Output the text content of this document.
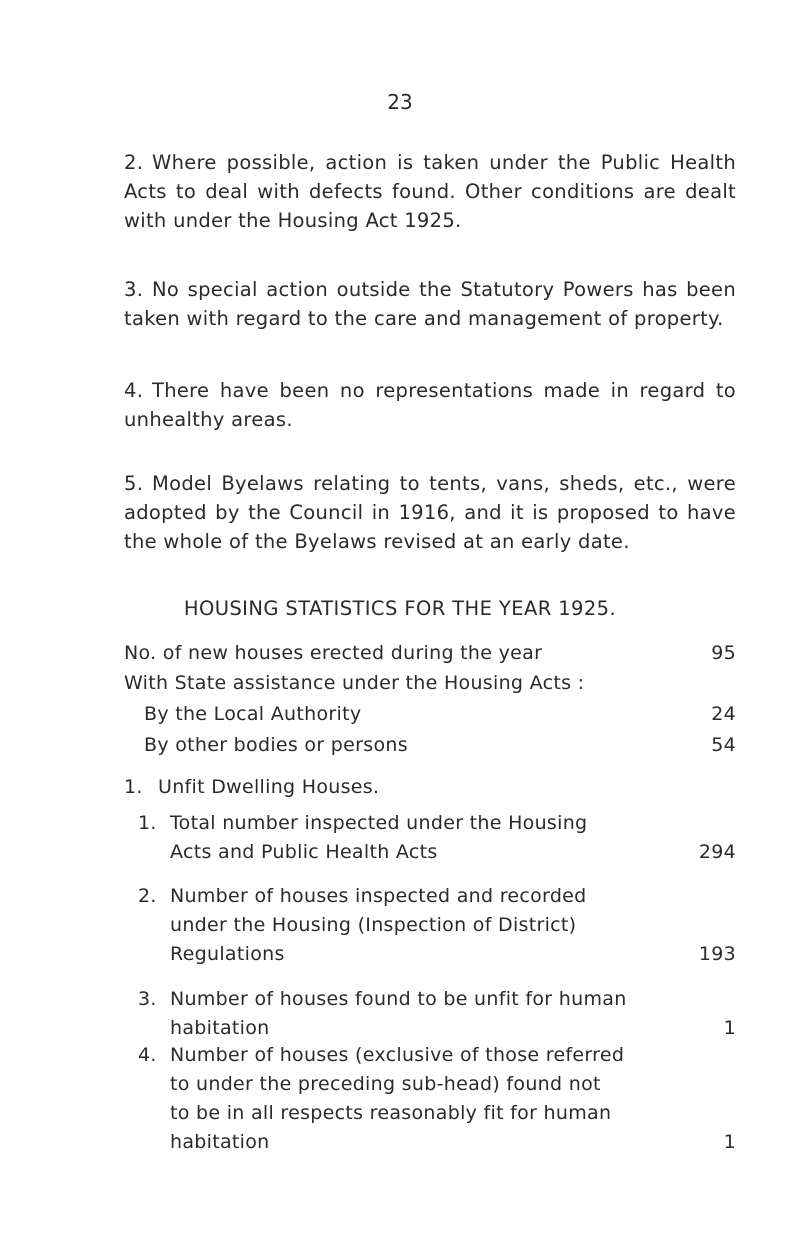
23

2. Where possible, action is taken under the Public Health Acts to deal with defects found. Other conditions are dealt with under the Housing Act 1925.

3. No special action outside the Statutory Powers has been taken with regard to the care and management of property.

4. There have been no representations made in regard to unhealthy areas.

5. Model Byelaws relating to tents, vans, sheds, etc., were adopted by the Council in 1916, and it is proposed to have the whole of the Byelaws revised at an early date.

HOUSING STATISTICS FOR THE YEAR 1925.
No. of new houses erected during the year	95
With State assistance under the Housing Acts :
By the Local Authority	24
By other bodies or persons	54
1. Unfit Dwelling Houses.
1. Total number inspected under the Housing
Acts and Public Health Acts	294
2. Number of houses inspected and recorded
under the Housing (Inspection of District)
Regulations	193
3. Number of houses found to be unfit for human
habitation	1
4. Number of houses (exclusive of those referred
to under the preceding sub-head) found not
to be in all respects reasonably fit for human
habitation	1
